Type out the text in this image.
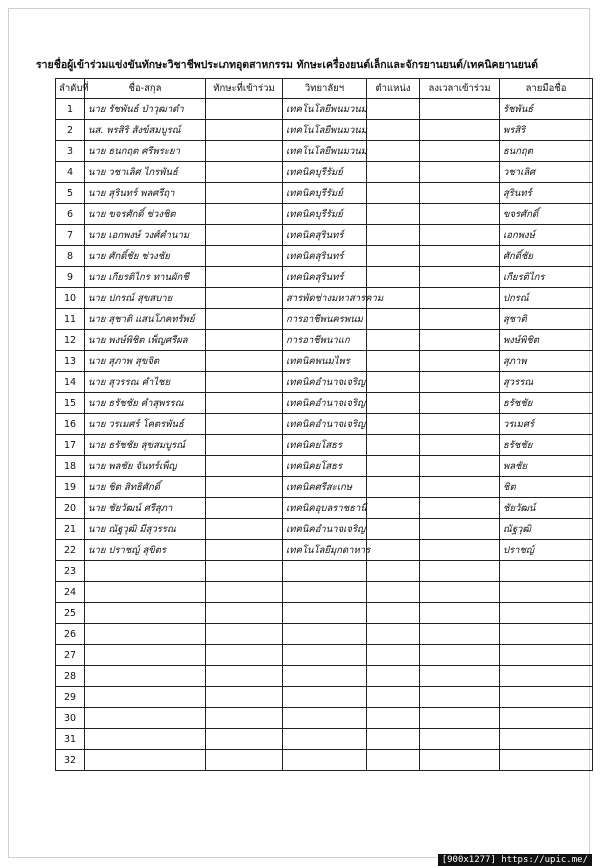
รายชื่อผู้เข้าร่วมแข่งขันทักษะวิชาชีพประเภทอุตสาหกรรม ทักษะเครื่องยนต์เล็กและจักรยานยนต์/เทคนิคยานยนต์
ลำดับที่	ชื่อ-สกุล	ทักษะที่เข้าร่วม	วิทยาลัยฯ	ตำแหน่ง	ลงเวลาเข้าร่วม	ลายมือชื่อ
1	นาย รัชพันธ์ ป่าวุฒาดำ		เทคโนโลยีพนมวนม			รัชพันธ์
2	นส. พรสิริ สังข์สมบูรณ์		เทคโนโลยีพนมวนม			พรสิริ
3	นาย ธนกฤต ศรีพระยา		เทคโนโลยีพนมวนม			ธนกฤต
4	นาย วชาเลิศ ไกรพันธ์		เทคนิคบุรีรัมย์			วชาเลิศ
5	นาย สุรินทร์ พลศรีฤา		เทคนิคบุรีรัมย์			สุรินทร์
6	นาย ขจรศักดิ์ ช่วงชิต		เทคนิคบุรีรัมย์			ขจรศักดิ์
7	นาย เอกพงษ์ วงศ์คำนาม		เทคนิคสุรินทร์			เอกพงษ์
8	นาย ศักดิ์ชัย ช่วงชัย		เทคนิคสุรินทร์			ศักดิ์ชัย
9	นาย เกียรติไกร ทานผักชี		เทคนิคสุรินทร์			เกียรติไกร
10	นาย ปกรณ์ สุขสบาย		สารพัดช่างมหาสารคาม			ปกรณ์
11	นาย สุชาติ แสนโภคทรัพย์		การอาชีพนครพนม			สุชาติ
12	นาย พงษ์พิชิต เพ็ญศรีผล		การอาชีพนาแก			พงษ์พิชิต
13	นาย สุภาพ สุขจิต		เทคนิคพนมไพร			สุภาพ
14	นาย สุวรรณ คำไชย		เทคนิคอำนาจเจริญ			สุวรรณ
15	นาย ธรัชชัย คำสุพรรณ		เทคนิคอำนาจเจริญ			ธรัชชัย
16	นาย วรเมศร์ โคตรพันธ์		เทคนิคอำนาจเจริญ			วรเมศร์
17	นาย ธรัชชัย สุขสมบูรณ์		เทคนิคยโสธร			ธรัชชัย
18	นาย พลชัย จันทร์เพ็ญ		เทคนิคยโสธร			พลชัย
19	นาย ชิต สิทธิศักดิ์		เทคนิคศรีสะเกษ			ชิต
20	นาย ชัยวัฒน์ ศรีสุภา		เทคนิคอุบลราชธานี			ชัยวัฒน์
21	นาย ณัฐวุฒิ มีสุวรรณ		เทคนิคอำนาจเจริญ			ณัฐวุฒิ
22	นาย ปราชญ์ สุขิตร		เทคโนโลยีมุกดาหาร			ปราชญ์
23						
24						
25						
26						
27						
28						
29						
30						
31						
32						
[900x1277] https://upic.me/
